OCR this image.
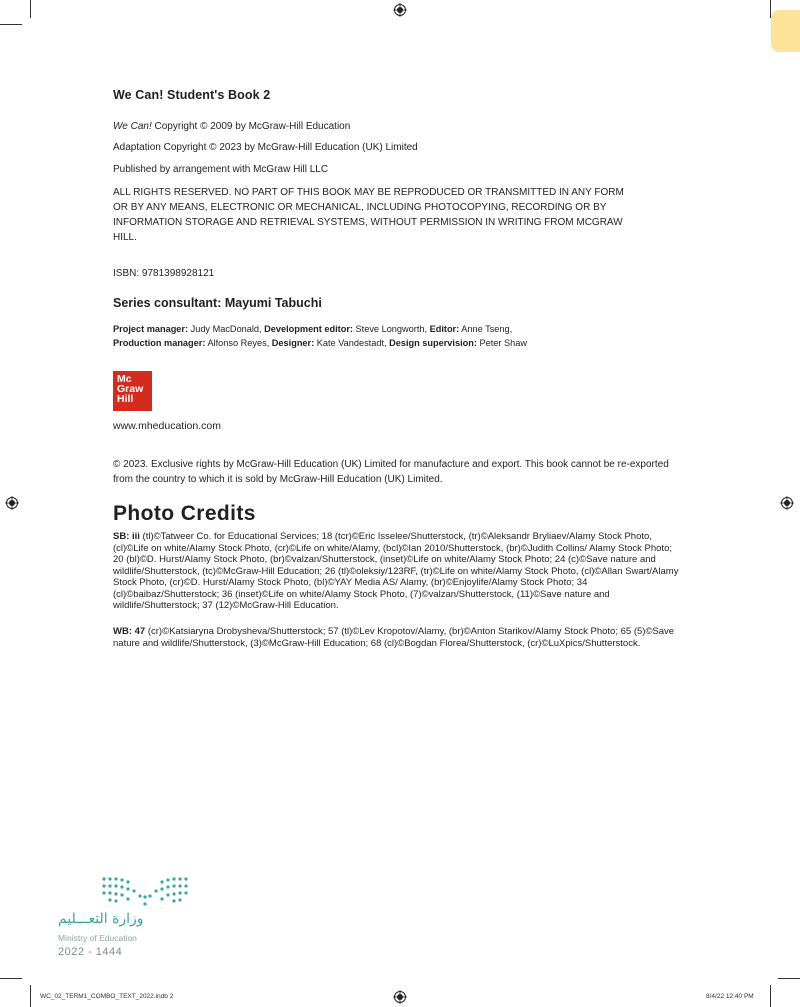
We Can! Student's Book 2
We Can! Copyright © 2009 by McGraw-Hill Education
Adaptation Copyright © 2023 by McGraw-Hill Education (UK) Limited
Published by arrangement with McGraw Hill LLC
ALL RIGHTS RESERVED. NO PART OF THIS BOOK MAY BE REPRODUCED OR TRANSMITTED IN ANY FORM OR BY ANY MEANS, ELECTRONIC OR MECHANICAL, INCLUDING PHOTOCOPYING, RECORDING OR BY INFORMATION STORAGE AND RETRIEVAL SYSTEMS, WITHOUT PERMISSION IN WRITING FROM MCGRAW HILL.
ISBN: 9781398928121
Series consultant: Mayumi Tabuchi
Project manager: Judy MacDonald, Development editor: Steve Longworth, Editor: Anne Tseng,
Production manager: Alfonso Reyes, Designer: Kate Vandestadt, Design supervision: Peter Shaw
Mc
Graw
Hill
www.mheducation.com
© 2023. Exclusive rights by McGraw-Hill Education (UK) Limited for manufacture and export. This book cannot be re-exported from the country to which it is sold by McGraw-Hill Education (UK) Limited.
Photo Credits
SB: iii (tl)©Tatweer Co. for Educational Services; 18 (tcr)©Eric Isselee/Shutterstock, (tr)©Aleksandr Bryliaev/Alamy Stock Photo, (cl)©Life on white/Alamy Stock Photo, (cr)©Life on white/Alamy, (bcl)©Ian 2010/Shutterstock, (br)©Judith Collins/ Alamy Stock Photo; 20 (bl)©D. Hurst/Alamy Stock Photo, (br)©valzan/Shutterstock, (inset)©Life on white/Alamy Stock Photo; 24 (c)©Save nature and wildlife/Shutterstock, (tc)©McGraw-Hill Education; 26 (tl)©oleksiy/123RF, (tr)©Life on white/Alamy Stock Photo, (cl)©Allan Swart/Alamy Stock Photo, (cr)©D. Hurst/Alamy Stock Photo, (bl)©YAY Media AS/ Alamy, (br)©Enjoylife/Alamy Stock Photo; 34 (cl)©baibaz/Shutterstock; 36 (inset)©Life on white/Alamy Stock Photo, (7)©valzan/Shutterstock, (11)©Save nature and wildlife/Shutterstock; 37 (12)©McGraw-Hill Education.
WB: 47 (cr)©Katsiaryna Drobysheva/Shutterstock; 57 (tl)©Lev Kropotov/Alamy, (br)©Anton Starikov/Alamy Stock Photo; 65 (5)©Save nature and wildlife/Shutterstock, (3)©McGraw-Hill Education; 68 (cl)©Bogdan Florea/Shutterstock, (cr)©LuXpics/Shutterstock.
وزارة التعـــليم
Ministry of Education
2022 - 1444
WC_02_TERM1_COMBO_TEXT_2022.indb 2	8/4/22 12:40 PM
